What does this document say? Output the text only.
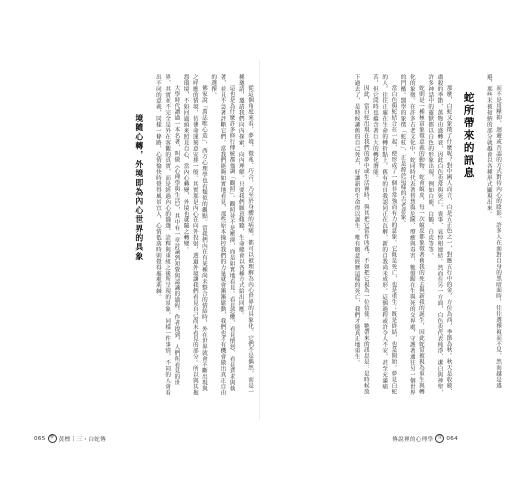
從這個角度來看，夢境、徵兆、巧合，乃至於身體的病痛，都可以被理解為內心世界的具象化。它們不是偶然，而是一種邀請，邀請我們向內探索、向內理解。只要我們願意傾聽，生命總會以各種方式給出回應。

這也是為什麼許多修行傳統都強調「觀照」。觀照並不是壓抑，而是如實地看見。看見恐懼、看見憤怒、看見貪求與執著，並且不急著評斷它們。當我們能夠如實地看見，那些原本操控我們的力量就會漸漸鬆動，我們也才有機會做出真正自由的選擇。

佛家說「萬法唯心造」，西方心理學也有類似的觀點。當我們內在有某種尚未整合的情結時，外在世界就會不斷出現與之呼應的情境，彷彿命運刻意安排一般。其實那是內心在向外投射，透過外境讓我們看見自己尚未看見的部分。所以與其抱怨環境，不如回過頭來照見自心，當內心轉變，外境也就隨之轉變。

大學時代讀過一本名著，叫做《心理學與生活》，其中有一章討論到知覺與認識的過程。作者提到，人們所看見的世界，其實並不完全是外在客觀的真實，而是經過內心的篩選、詮釋與重組之後所呈現的景象。同樣一件事情，不同的人會看出不同的意義，同樣一條路，心情愉快時覺得風景宜人，心情低落時則覺得處處荊棘。

境隨心轉，外境即為內心世界的具象	而不是用壓抑、迴避或否認的方式對待內心的陰影。許多人在面對自身的黑暗面時，往往選擇視而不見，然而越是逃避，那些未被接納的部分就越會以各種形式顯現出來。

蛇所帶來的訊息

那麼，白蛇又象徵了什麼呢？對中國人而言，白是五正色之一，對應五行中的金，方位為西，季節為秋。秋天是收斂、肅殺的季節，萬物由盛轉衰，因此白色也常與死亡、喪事、哀悼相連結。然而在另一方面，白色也代表純淨、潔白與神聖，許多神話中的靈獸都以白色的形象出現，例如白鹿、白鶴、白虎等等。

蛇則是一種極富象徵意義的動物。蛇會蛻皮，每一次蛻皮都象徵著舊我的死去與新我的誕生，因此蛇常被視為重生與轉化的象徵。在許多古老文化中，蛇同時代表著智慧與危險、療癒與毒害，牠盤踞在生與死的交界處，守護著通往另一個世界的門檻。醫學的象徵「蛇杖」，正是源於這樣的古老意象。

當白色與蛇結合在一起，便形成了一個非常強而有力的意象。它既是死亡，也是重生；既是終結，也是開始。夢見白蛇的人，往往正處在生命的轉折點上，舊有的自我認同正在瓦解，新的自我尚未成形。這個過程或許令人不安，甚至充滿痛苦，但它同時也蘊含著巨大的轉化潛能。

因此，當白蛇出現在我們的夢中或生活裡時，與其把它當作凶兆，不如把它視為一位信使。牠帶來的訊息是：是時候放下過去了，是時候讓舊的自己死去，好讓新的生命得以誕生。唯有願意經歷這樣的死亡，我們才能真正地重生。

065 參 黃標 | 三・白蛇傳	傳說裡的心理學 壹 064
